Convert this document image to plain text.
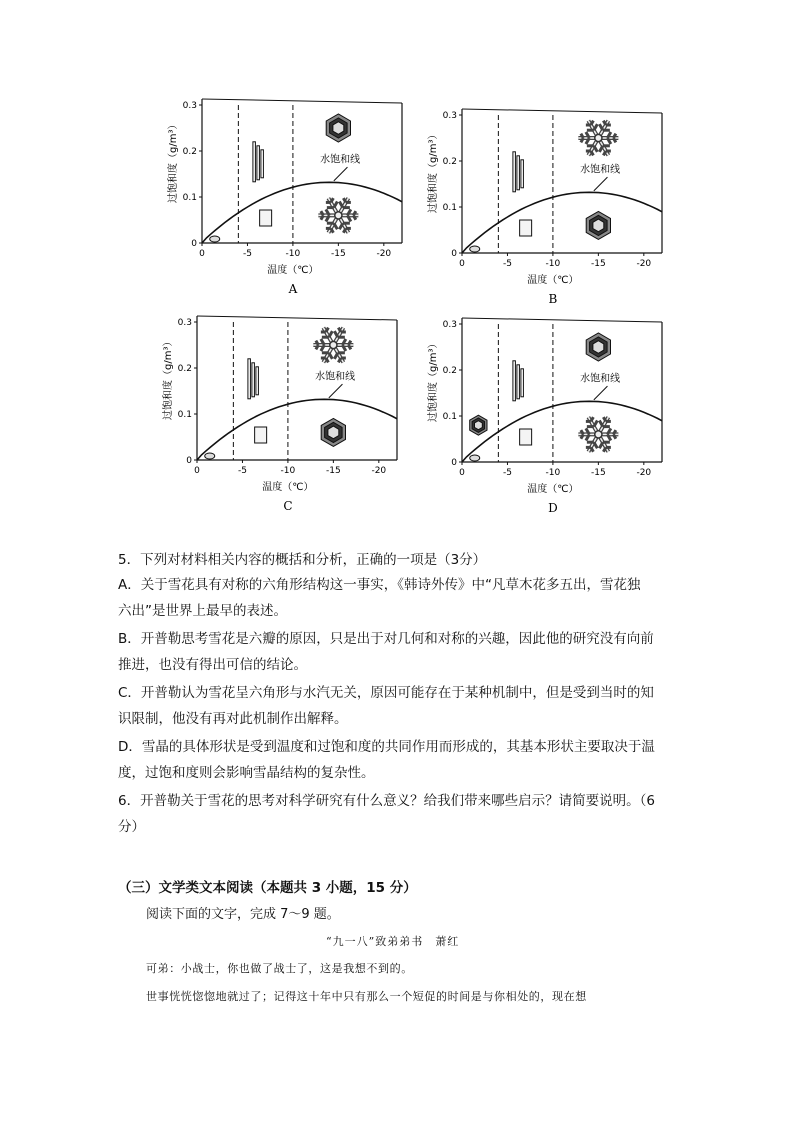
0	-5	-10	-15	-20
0
0.1
0.2
0.3
水饱和线
温度（℃）
过饱和度（g/m³）
A
0	-5	-10	-15	-20
0
0.1
0.2
0.3
水饱和线
温度（℃）
过饱和度（g/m³）
B
0	-5	-10	-15	-20
0
0.1
0.2
0.3
水饱和线
温度（℃）
过饱和度（g/m³）
C
0	-5	-10	-15	-20
0
0.1
0.2
0.3
水饱和线
温度（℃）
过饱和度（g/m³）
D
5．下列对材料相关内容的概括和分析，正确的一项是（3分）
A．关于雪花具有对称的六角形结构这一事实，《韩诗外传》中“凡草木花多五出，雪花独
六出”是世界上最早的表述。
B．开普勒思考雪花是六瓣的原因，只是出于对几何和对称的兴趣，因此他的研究没有向前
推进，也没有得出可信的结论。
C．开普勒认为雪花呈六角形与水汽无关，原因可能存在于某种机制中，但是受到当时的知
识限制，他没有再对此机制作出解释。
D．雪晶的具体形状是受到温度和过饱和度的共同作用而形成的，其基本形状主要取决于温
度，过饱和度则会影响雪晶结构的复杂性。
6．开普勒关于雪花的思考对科学研究有什么意义？给我们带来哪些启示？请简要说明。（6
分）
（三）文学类文本阅读（本题共 3 小题，15 分）
阅读下面的文字，完成 7～9 题。
“九一八”致弟弟书　萧红
可弟：小战士，你也做了战士了，这是我想不到的。
世事恍恍惚惚地就过了；记得这十年中只有那么一个短促的时间是与你相处的，现在想
